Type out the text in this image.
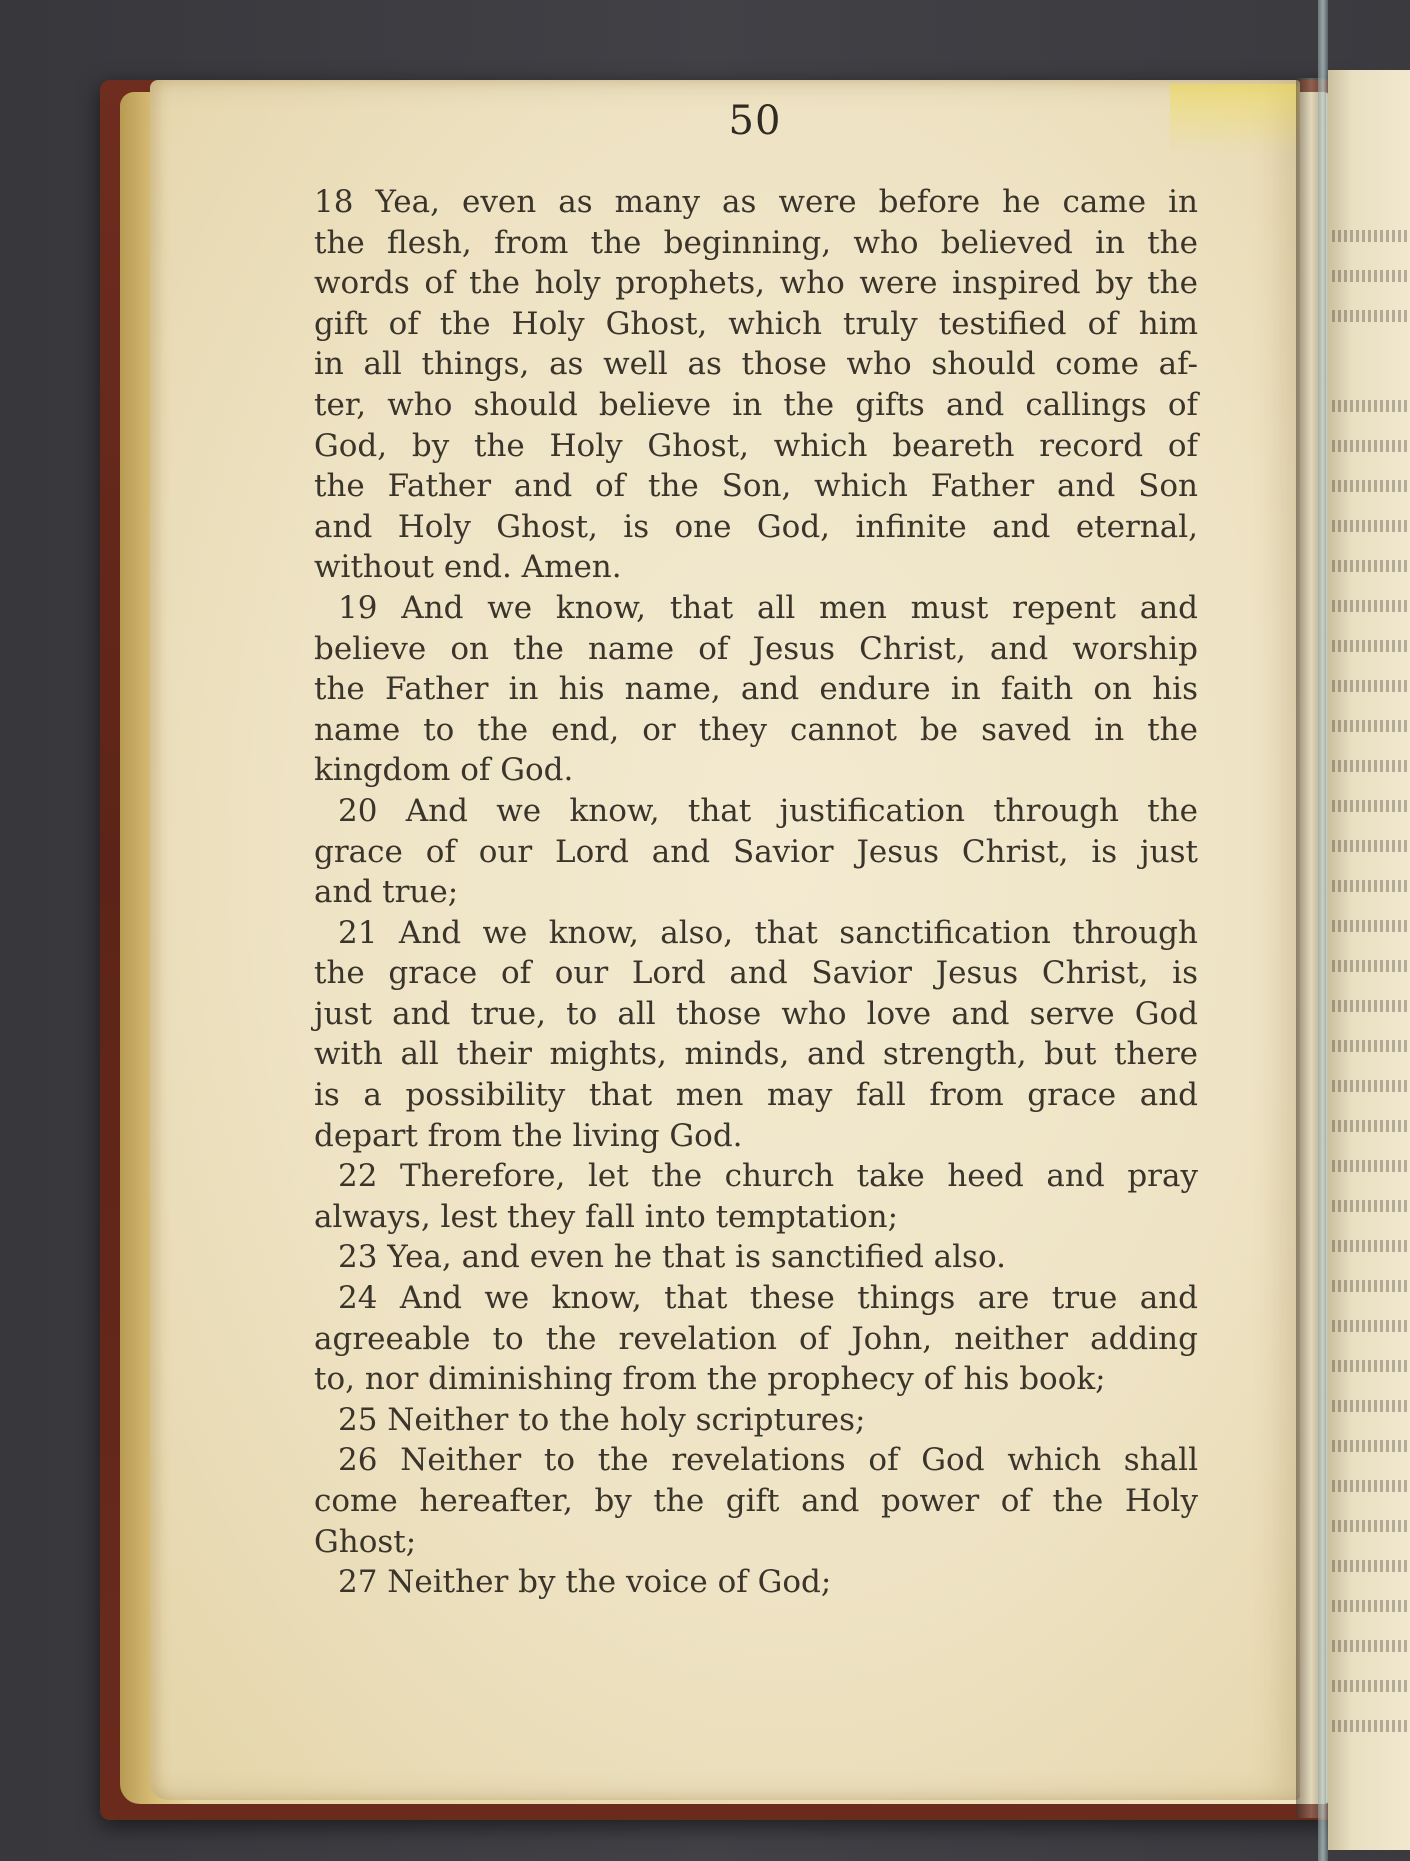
50
18 Yea, even as many as were before he came in
the flesh, from the beginning, who believed in the
words of the holy prophets, who were inspired by the
gift of the Holy Ghost, which truly testified of him
in all things, as well as those who should come af-
ter, who should believe in the gifts and callings of
God, by the Holy Ghost, which beareth record of
the Father and of the Son, which Father and Son
and Holy Ghost, is one God, infinite and eternal,
without end. Amen.
19 And we know, that all men must repent and
believe on the name of Jesus Christ, and worship
the Father in his name, and endure in faith on his
name to the end, or they cannot be saved in the
kingdom of God.
20 And we know, that justification through the
grace of our Lord and Savior Jesus Christ, is just
and true;
21 And we know, also, that sanctification through
the grace of our Lord and Savior Jesus Christ, is
just and true, to all those who love and serve God
with all their mights, minds, and strength, but there
is a possibility that men may fall from grace and
depart from the living God.
22 Therefore, let the church take heed and pray
always, lest they fall into temptation;
23 Yea, and even he that is sanctified also.
24 And we know, that these things are true and
agreeable to the revelation of John, neither adding
to, nor diminishing from the prophecy of his book;
25 Neither to the holy scriptures;
26 Neither to the revelations of God which shall
come hereafter, by the gift and power of the Holy
Ghost;
27 Neither by the voice of God;
